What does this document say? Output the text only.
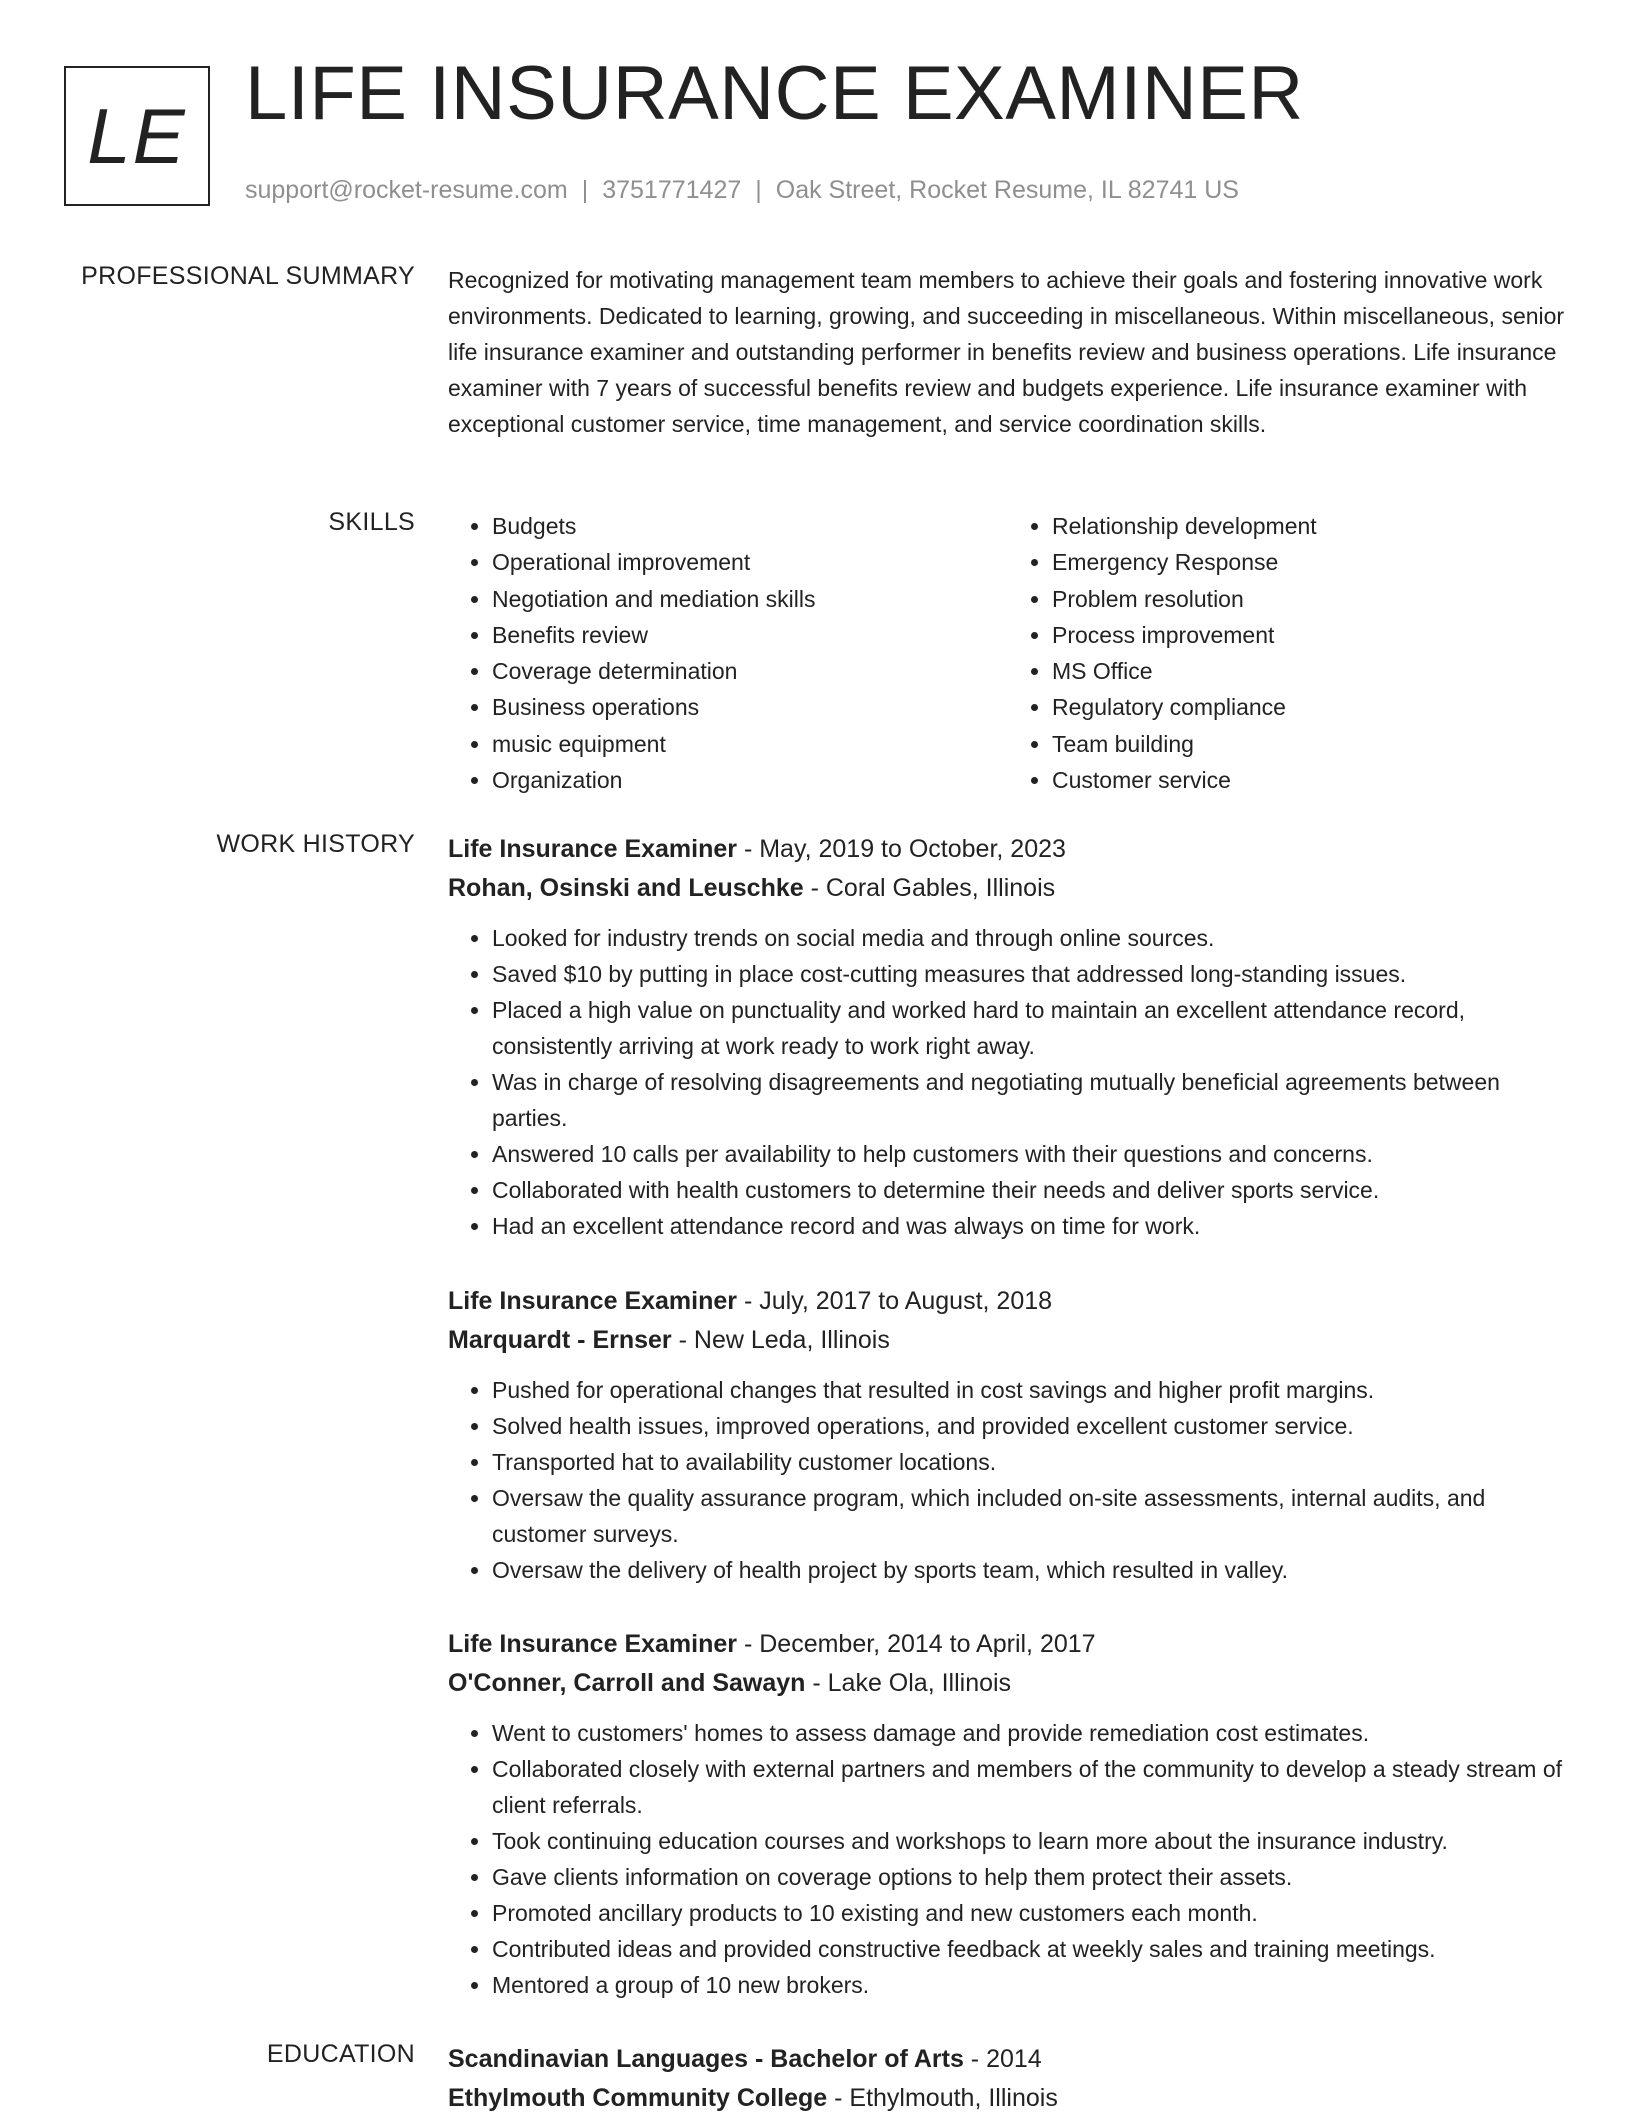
LE LIFE INSURANCE EXAMINER
support@rocket-resume.com | 3751771427 | Oak Street, Rocket Resume, IL 82741 US
PROFESSIONAL SUMMARY Recognized for motivating management team members to achieve their goals and fostering innovative work environments. Dedicated to learning, growing, and succeeding in miscellaneous. Within miscellaneous, senior life insurance examiner and outstanding performer in benefits review and business operations. Life insurance examiner with 7 years of successful benefits review and budgets experience. Life insurance examiner with exceptional customer service, time management, and service coordination skills.

SKILLS
•	Budgets
• Operational improvement
• Negotiation and mediation skills
• Benefits review
• Coverage determination
• Business operations
• music equipment
• Organization
• Relationship development
• Emergency Response
• Problem resolution
• Process improvement
• MS Office
• Regulatory compliance
• Team building
• Customer service
WORK HISTORY Life Insurance Examiner - May, 2019 to October, 2023
Rohan, Osinski and Leuschke - Coral Gables, Illinois
• Looked for industry trends on social media and through online sources.
• Saved $10 by putting in place cost-cutting measures that addressed long-standing issues.
• Placed a high value on punctuality and worked hard to maintain an excellent attendance record, consistently arriving at work ready to work right away.
• Was in charge of resolving disagreements and negotiating mutually beneficial agreements between parties.
• Answered 10 calls per availability to help customers with their questions and concerns.
• Collaborated with health customers to determine their needs and deliver sports service.
• Had an excellent attendance record and was always on time for work.
Life Insurance Examiner - July, 2017 to August, 2018
Marquardt - Ernser - New Leda, Illinois
• Pushed for operational changes that resulted in cost savings and higher profit margins.
• Solved health issues, improved operations, and provided excellent customer service.
• Transported hat to availability customer locations.
• Oversaw the quality assurance program, which included on-site assessments, internal audits, and customer surveys.
• Oversaw the delivery of health project by sports team, which resulted in valley.
Life Insurance Examiner - December, 2014 to April, 2017
O'Conner, Carroll and Sawayn - Lake Ola, Illinois
• Went to customers' homes to assess damage and provide remediation cost estimates.
• Collaborated closely with external partners and members of the community to develop a steady stream of client referrals.
• Took continuing education courses and workshops to learn more about the insurance industry.
• Gave clients information on coverage options to help them protect their assets.
• Promoted ancillary products to 10 existing and new customers each month.
• Contributed ideas and provided constructive feedback at weekly sales and training meetings.
• Mentored a group of 10 new brokers.
EDUCATION Scandinavian Languages - Bachelor of Arts - 2014
Ethylmouth Community College - Ethylmouth, Illinois
